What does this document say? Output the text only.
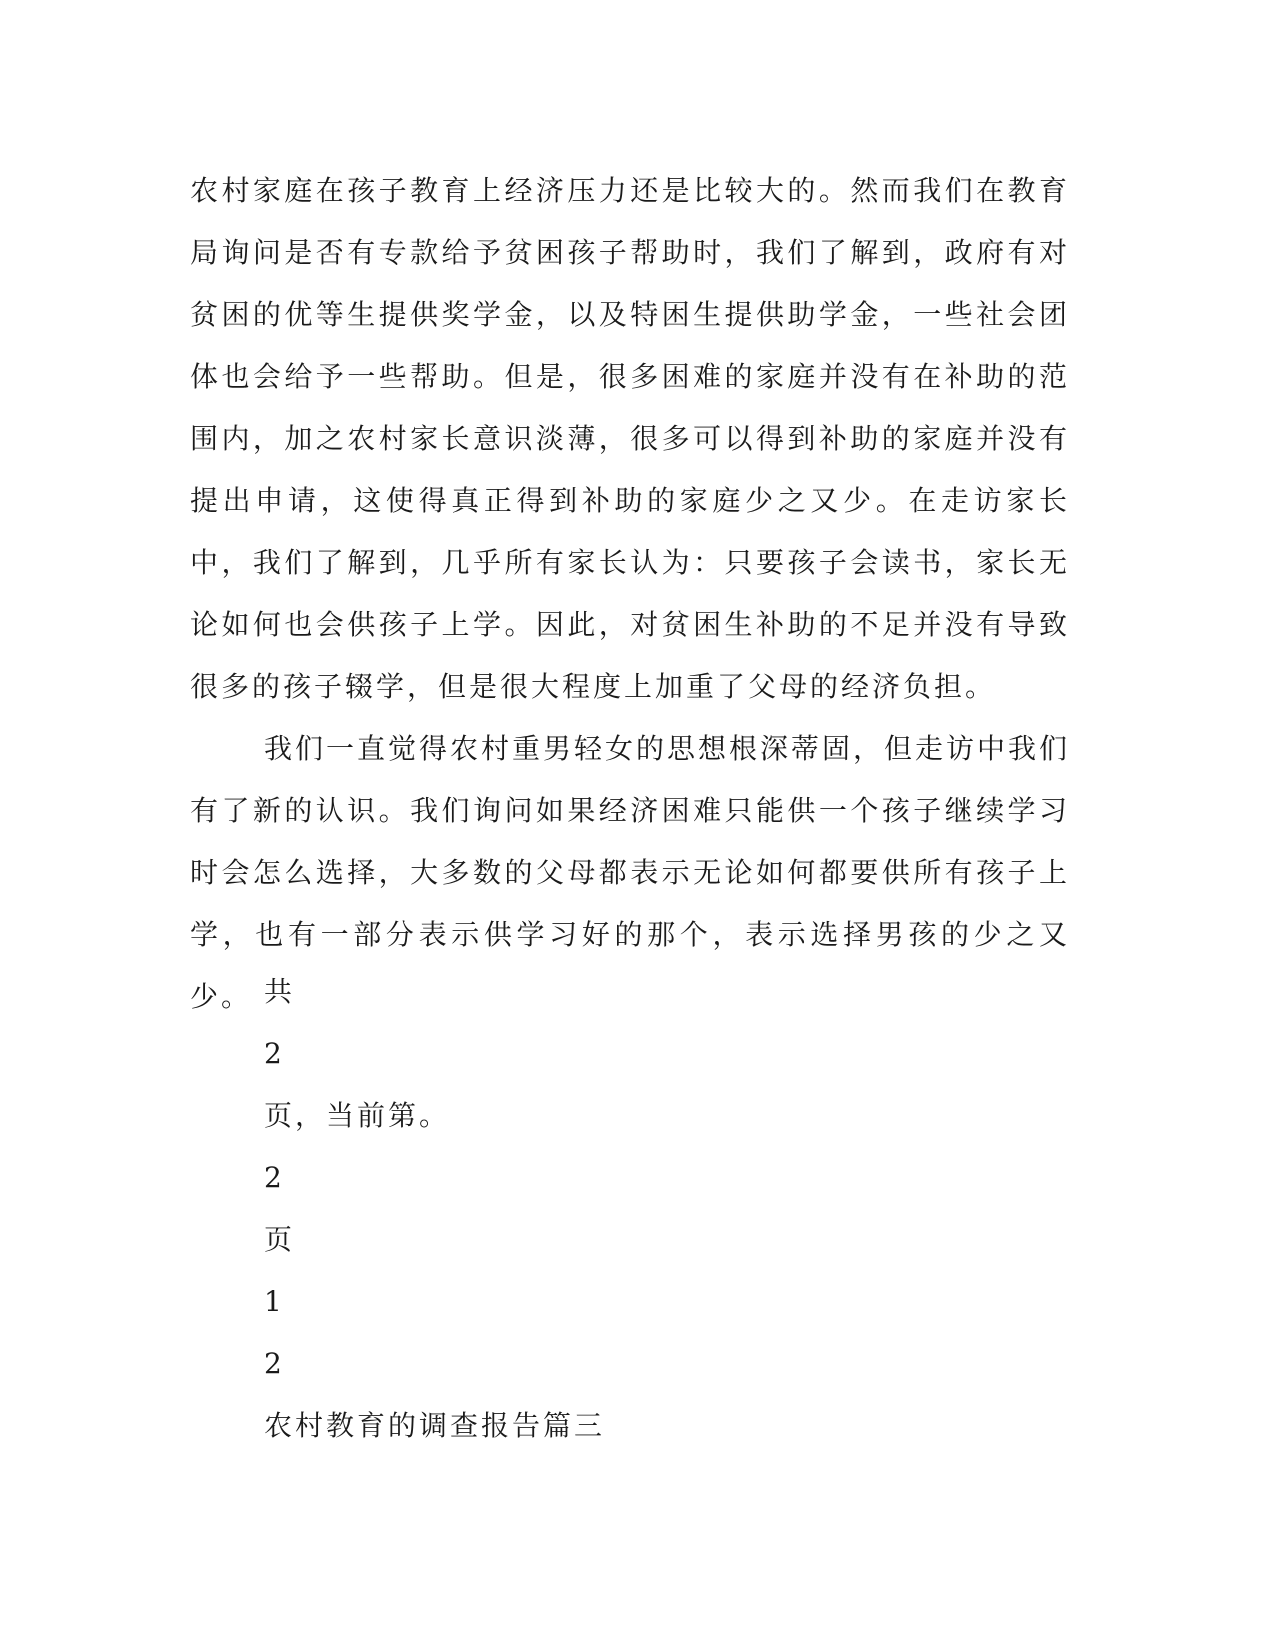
农村家庭在孩子教育上经济压力还是比较大的。然而我们在教育局询问是否有专款给予贫困孩子帮助时，我们了解到，政府有对贫困的优等生提供奖学金，以及特困生提供助学金，一些社会团体也会给予一些帮助。但是，很多困难的家庭并没有在补助的范围内，加之农村家长意识淡薄，很多可以得到补助的家庭并没有提出申请，这使得真正得到补助的家庭少之又少。在走访家长中，我们了解到，几乎所有家长认为：只要孩子会读书，家长无论如何也会供孩子上学。因此，对贫困生补助的不足并没有导致很多的孩子辍学，但是很大程度上加重了父母的经济负担。

我们一直觉得农村重男轻女的思想根深蒂固，但走访中我们有了新的认识。我们询问如果经济困难只能供一个孩子继续学习时会怎么选择，大多数的父母都表示无论如何都要供所有孩子上学，也有一部分表示供学习好的那个，表示选择男孩的少之又少。 共

2

页，当前第。

2

页

1

2

农村教育的调查报告篇三
